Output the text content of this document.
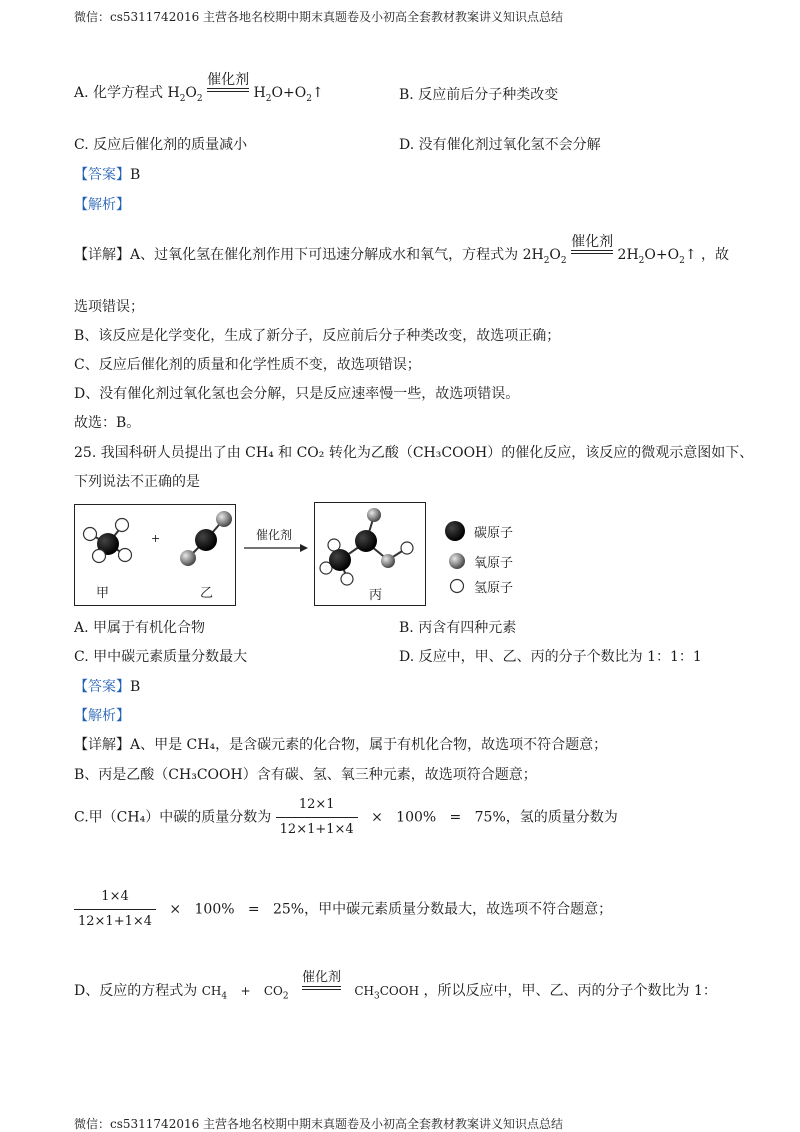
微信：cs5311742016 主营各地名校期中期末真题卷及小初高全套教材教案讲义知识点总结
A. 化学方程式 $H_2O_2$
催化剂
$H_2O+O_2↑$	B. 反应前后分子种类改变
C. 反应后催化剂的质量减小	D. 没有催化剂过氧化氢不会分解
【答案】B
【解析】
【详解】A、过氧化氢在催化剂作用下可迅速分解成水和氧气，方程式为 $2H_2O_2$
催化剂
$2H_2O+O_2↑$ ，故
选项错误；
B、该反应是化学变化，生成了新分子，反应前后分子种类改变，故选项正确；
C、反应后催化剂的质量和化学性质不变，故选项错误；
D、没有催化剂过氧化氢也会分解，只是反应速率慢一些，故选项错误。
故选：B。
25. 我国科研人员提出了由 CH₄ 和 CO₂ 转化为乙酸（CH₃COOH）的催化反应，该反应的微观示意图如下、
下列说法不正确的是
甲	乙
+	催化剂
丙
碳原子
氧原子
氢原子
A. 甲属于有机化合物	B. 丙含有四种元素
C. 甲中碳元素质量分数最大	D. 反应中，甲、乙、丙的分子个数比为 1：1：1
【答案】B
【解析】
【详解】A、甲是 CH₄，是含碳元素的化合物，属于有机化合物，故选项不符合题意；
B、丙是乙酸（CH₃COOH）含有碳、氢、氧三种元素，故选项符合题意；
C.甲（CH₄）中碳的质量分数为 $\frac{12\times 1}{12\times 1+1\times 4} \times 100\% = 75\%$，氢的质量分数为
$\frac{1\times 4}{12\times 1+1\times 4} \times 100\% = 25\%$，甲中碳元素质量分数最大，故选项不符合题意；
D、反应的方程式为 $CH_4 + CO_2$
催化剂
$CH_3COOH$ ，所以反应中，甲、乙、丙的分子个数比为 1：
微信：cs5311742016 主营各地名校期中期末真题卷及小初高全套教材教案讲义知识点总结
